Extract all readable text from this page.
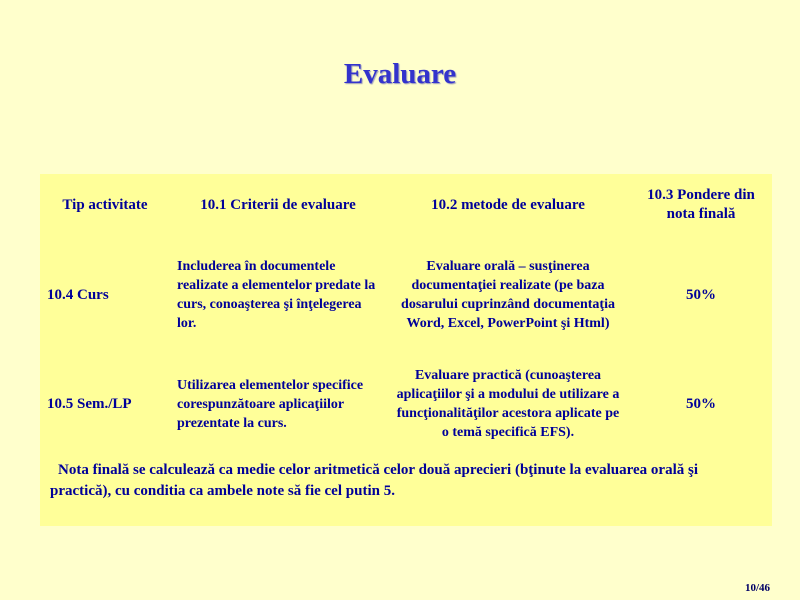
Evaluare
Tip activitate	10.1 Criterii de evaluare	10.2 metode de evaluare	10.3 Pondere din nota finală
10.4 Curs	Includerea în documentele realizate a elementelor predate la curs, conoaşterea şi înţelegerea lor.	Evaluare orală – susţinerea documentaţiei realizate (pe baza dosarului cuprinzând documentaţia Word, Excel, PowerPoint şi Html)	50%
10.5 Sem./LP	Utilizarea elementelor specifice corespunzătoare aplicaţiilor prezentate la curs.	Evaluare practică (cunoaşterea aplicaţiilor şi a modului de utilizare a funcţionalităţilor acestora aplicate pe o temă specifică EFS).	50%
Nota finală se calculează ca medie celor aritmetică celor două aprecieri (bţinute la evaluarea orală şi practică), cu conditia ca ambele note să fie cel putin 5.			
10/46
